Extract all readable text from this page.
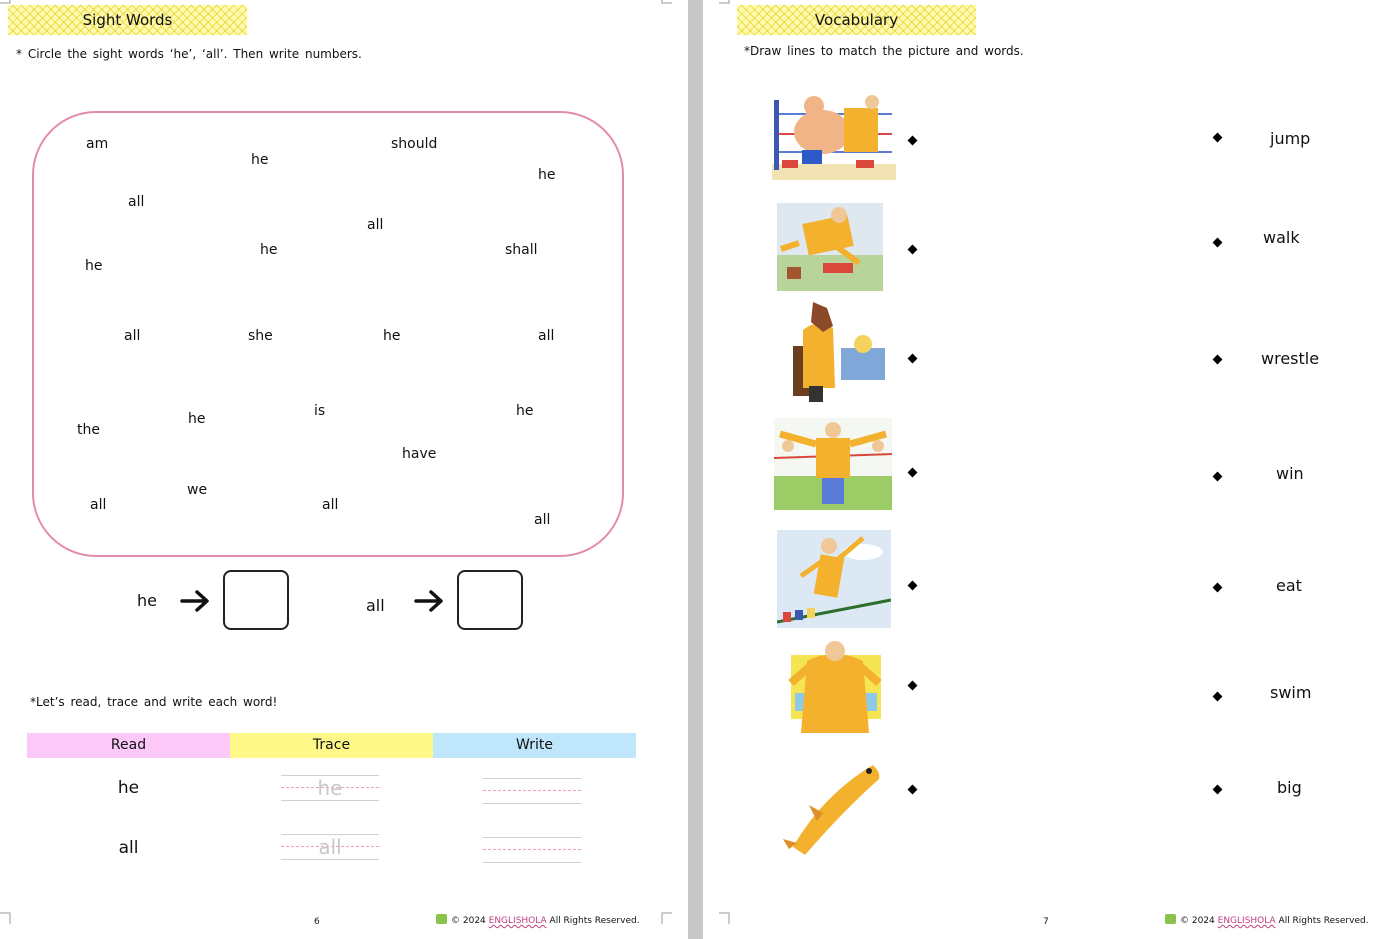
Sight Words
* Circle the sight words ‘he’, ‘all’. Then write numbers.
am
he
should
he
all
all
he	shall
he
all	she	he	all
the
he	is	he
have
we
all	all
all
he	all
*Let’s read, trace and write each word!
Read	Trace	Write
he	he
all	all
6	© 2024 ENGLISHOLA All Rights Reserved.
Vocabulary
*Draw lines to match the picture and words.
jump
walk
wrestle
win
eat
swim
big
7	© 2024 ENGLISHOLA All Rights Reserved.
